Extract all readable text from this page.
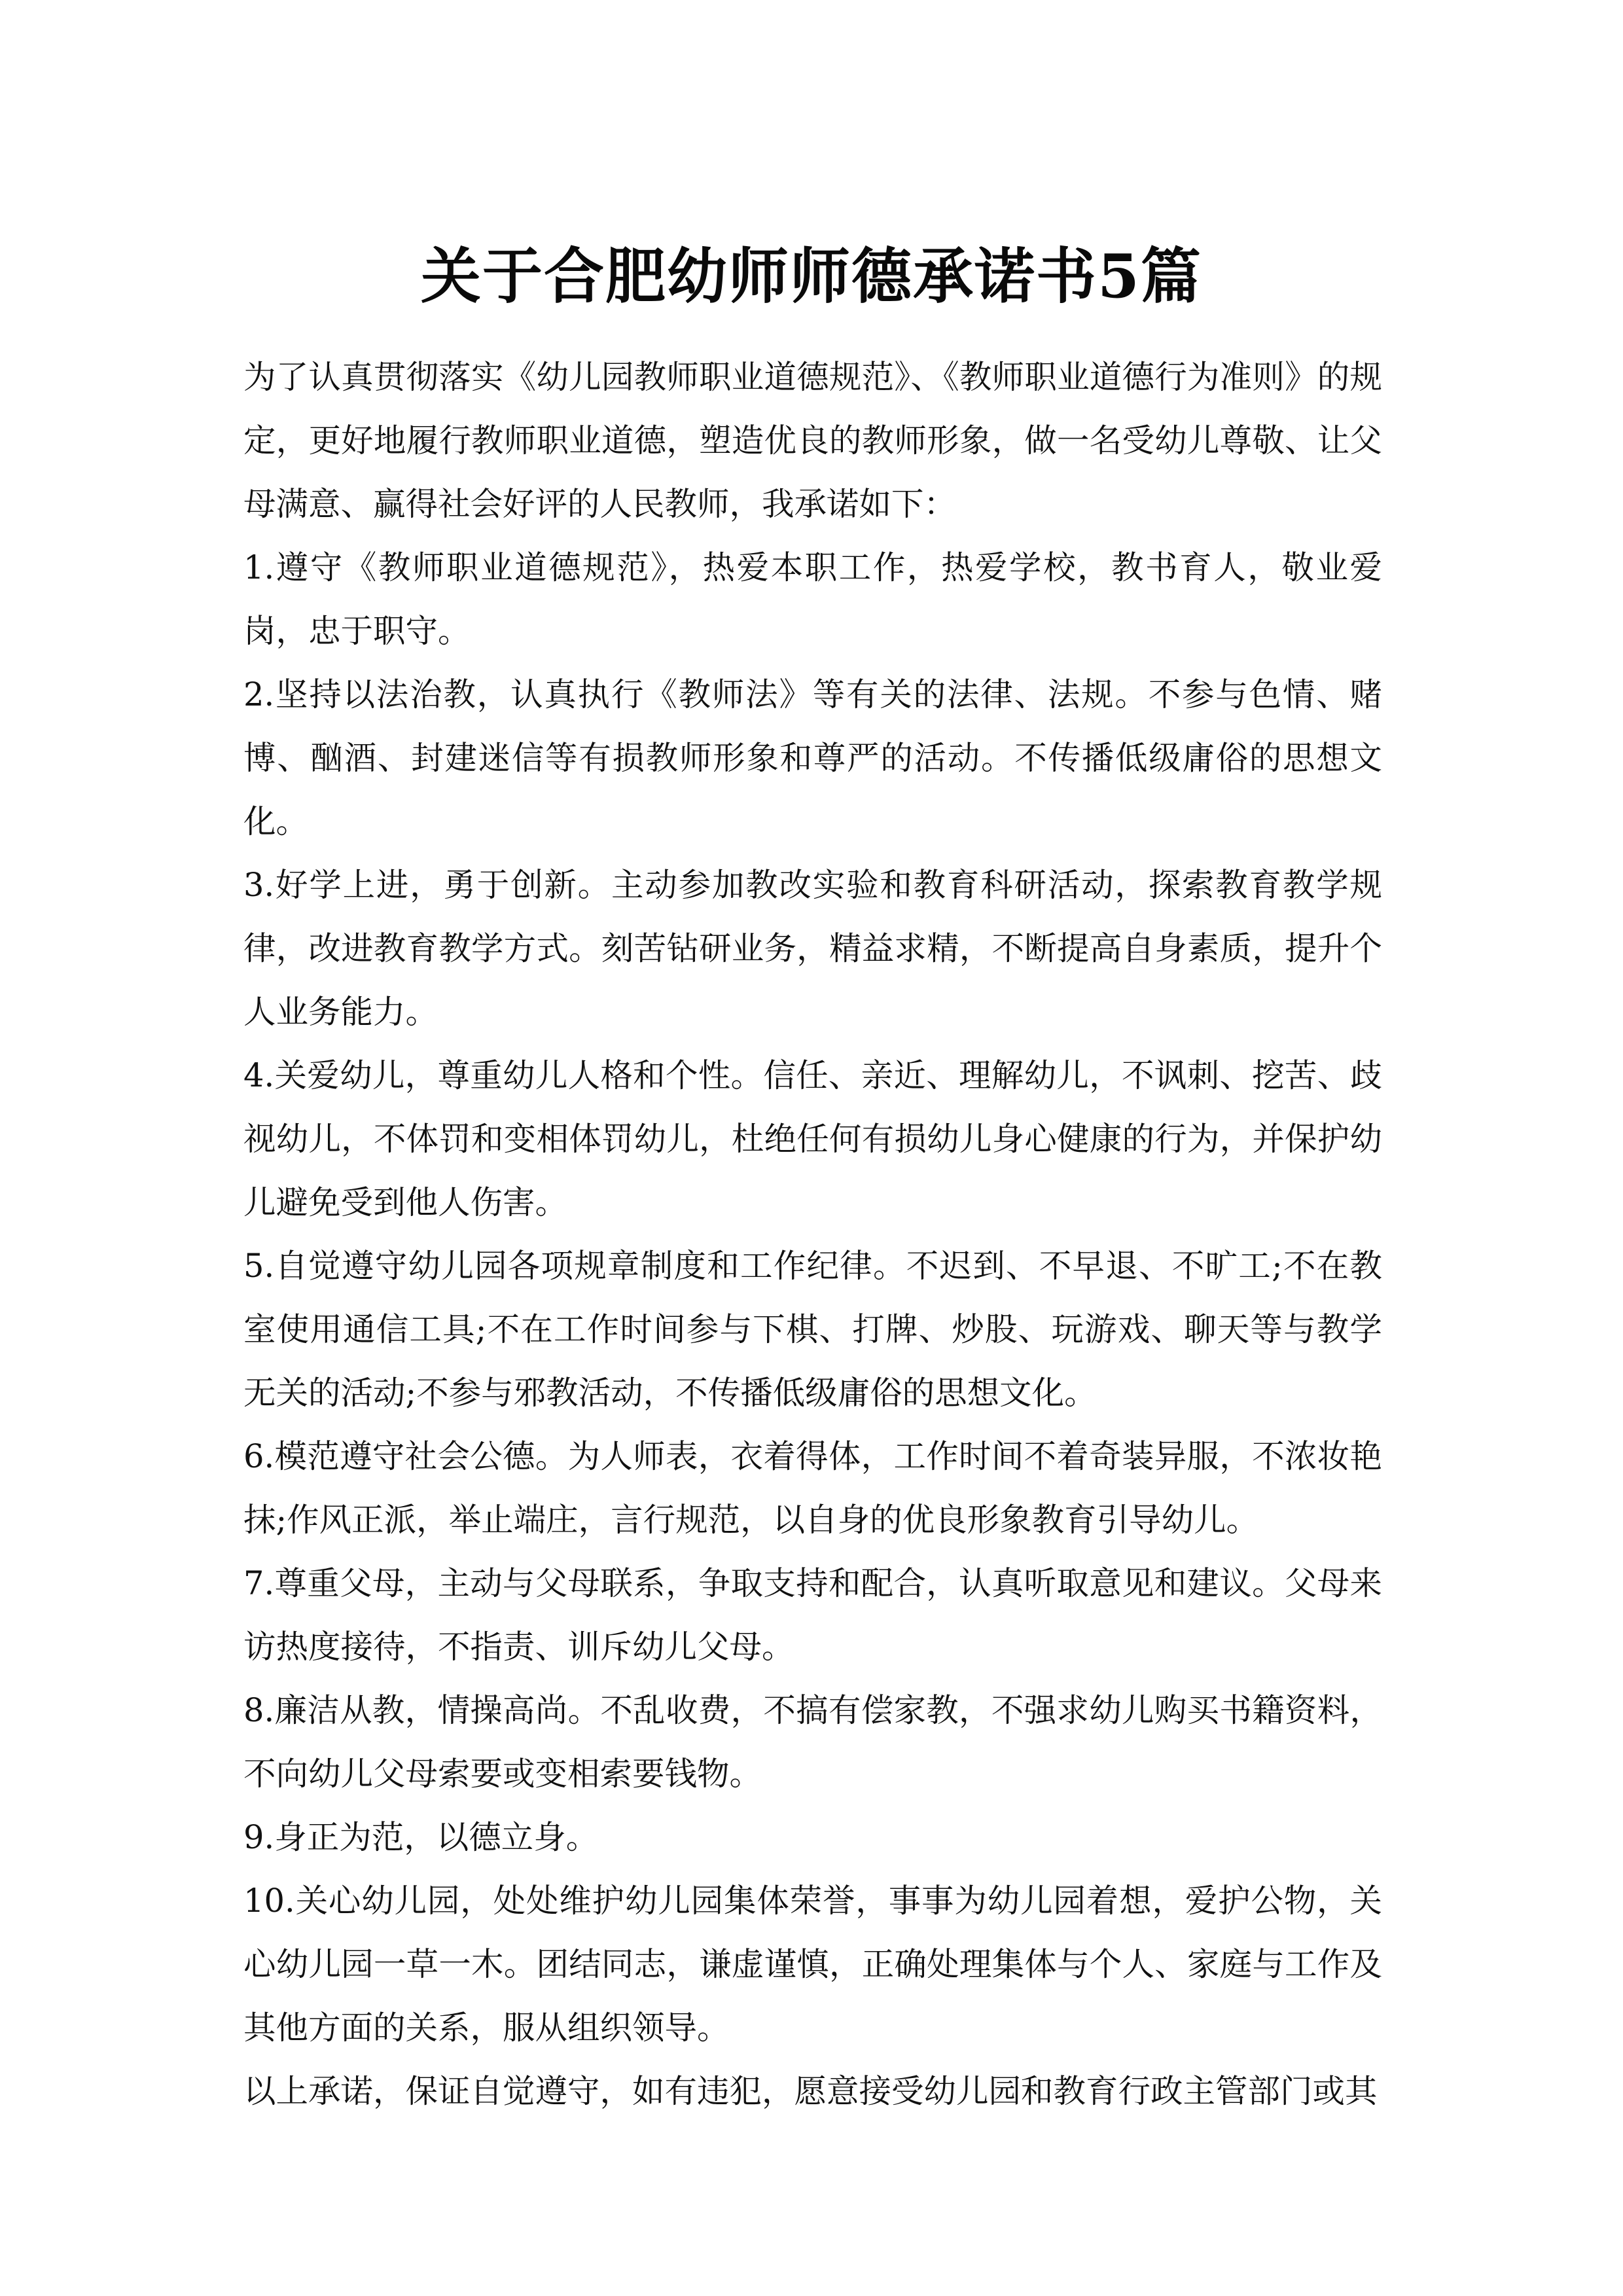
关于合肥幼师师德承诺书5篇

为了认真贯彻落实《幼儿园教师职业道德规范》、《教师职业道德行为准则》的规定，更好地履行教师职业道德，塑造优良的教师形象，做一名受幼儿尊敬、让父母满意、赢得社会好评的人民教师，我承诺如下：

1.遵守《教师职业道德规范》，热爱本职工作，热爱学校，教书育人，敬业爱岗，忠于职守。

2.坚持以法治教，认真执行《教师法》等有关的法律、法规。不参与色情、赌博、酗酒、封建迷信等有损教师形象和尊严的活动。不传播低级庸俗的思想文化。

3.好学上进，勇于创新。主动参加教改实验和教育科研活动，探索教育教学规律，改进教育教学方式。刻苦钻研业务，精益求精，不断提高自身素质，提升个人业务能力。

4.关爱幼儿，尊重幼儿人格和个性。信任、亲近、理解幼儿，不讽刺、挖苦、歧视幼儿，不体罚和变相体罚幼儿，杜绝任何有损幼儿身心健康的行为，并保护幼儿避免受到他人伤害。

5.自觉遵守幼儿园各项规章制度和工作纪律。不迟到、不早退、不旷工;不在教室使用通信工具;不在工作时间参与下棋、打牌、炒股、玩游戏、聊天等与教学无关的活动;不参与邪教活动，不传播低级庸俗的思想文化。

6.模范遵守社会公德。为人师表，衣着得体，工作时间不着奇装异服，不浓妆艳抹;作风正派，举止端庄，言行规范，以自身的优良形象教育引导幼儿。

7.尊重父母，主动与父母联系，争取支持和配合，认真听取意见和建议。父母来访热度接待，不指责、训斥幼儿父母。

8.廉洁从教，情操高尚。不乱收费，不搞有偿家教，不强求幼儿购买书籍资料，不向幼儿父母索要或变相索要钱物。

9.身正为范，以德立身。

10.关心幼儿园，处处维护幼儿园集体荣誉，事事为幼儿园着想，爱护公物，关心幼儿园一草一木。团结同志，谦虚谨慎，正确处理集体与个人、家庭与工作及其他方面的关系，服从组织领导。

以上承诺，保证自觉遵守，如有违犯，愿意接受幼儿园和教育行政主管部门或其
